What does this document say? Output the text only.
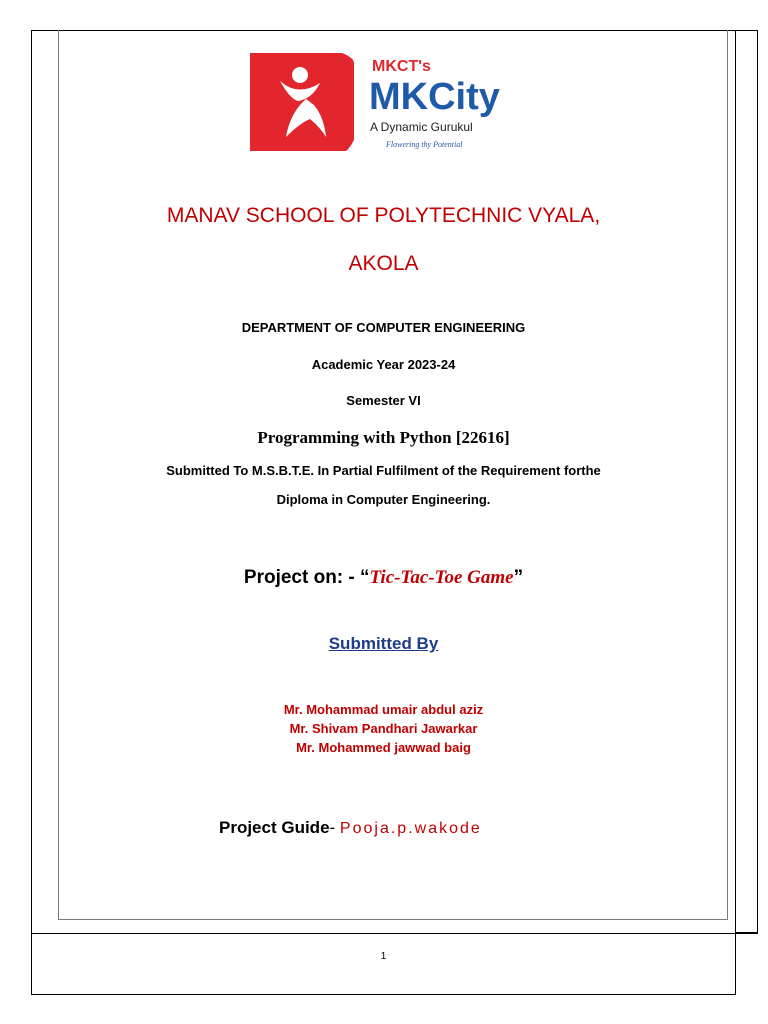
MKCT's
MKCity
A Dynamic Gurukul
Flowering thy Potential
MANAV SCHOOL OF POLYTECHNIC VYALA,
AKOLA
DEPARTMENT OF COMPUTER ENGINEERING
Academic Year 2023-24
Semester VI
Programming with Python [22616]
Submitted To M.S.B.T.E. In Partial Fulfilment of the Requirement forthe
Diploma in Computer Engineering.
Project on: - “Tic-Tac-Toe Game”
Submitted By
Mr. Mohammad umair abdul aziz
Mr. Shivam Pandhari Jawarkar
Mr. Mohammed jawwad baig
Project Guide- Pooja.p.wakode
1
